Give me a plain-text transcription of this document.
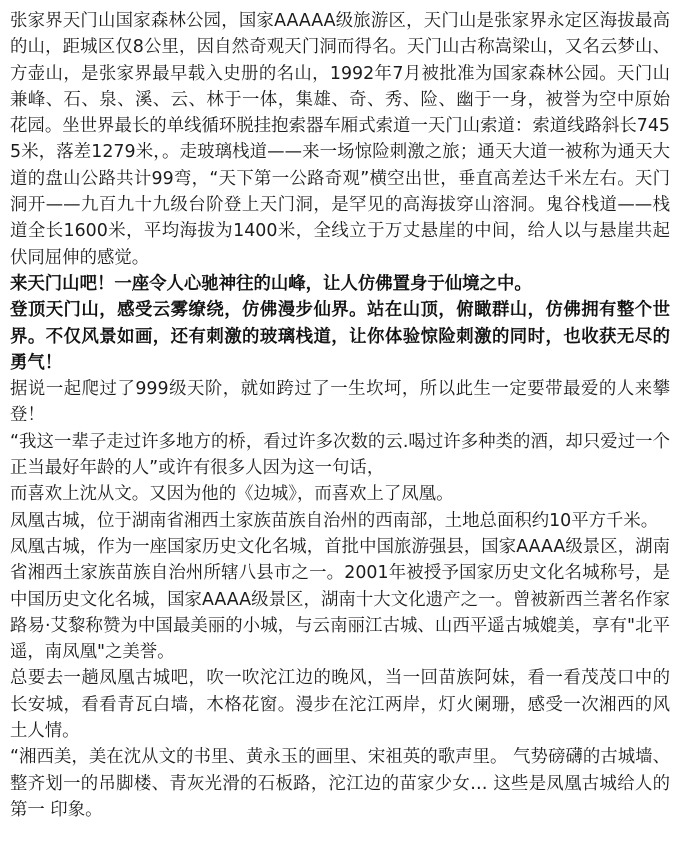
张家界天门山国家森林公园，国家AAAAA级旅游区，天门山是张家界永定区海拔最高的山，距城区仅8公里，因自然奇观天门洞而得名。天门山古称嵩梁山，又名云梦山、方壶山，是张家界最早载入史册的名山，1992年7月被批准为国家森林公园。天门山兼峰、石、泉、溪、云、林于一体，集雄、奇、秀、险、幽于一身，被誉为空中原始花园。坐世界最长的单线循环脱挂抱索器车厢式索道一天门山索道：索道线路斜长7455米，落差1279米，。走玻璃栈道——来一场惊险刺激之旅；通天大道一被称为通天大道的盘山公路共计99弯，“天下第一公路奇观”横空出世，垂直高差达千米左右。天门洞开——九百九十九级台阶登上天门洞，是罕见的高海拔穿山溶洞。鬼谷栈道——栈道全长1600米，平均海拔为1400米，全线立于万丈悬崖的中间，给人以与悬崖共起伏同屈伸的感觉。

来天门山吧！一座令人心驰神往的山峰，让人仿佛置身于仙境之中。

登顶天门山，感受云雾缭绕，仿佛漫步仙界。站在山顶，俯瞰群山，仿佛拥有整个世界。不仅风景如画，还有刺激的玻璃栈道，让你体验惊险刺激的同时，也收获无尽的勇气！

据说一起爬过了999级天阶，就如跨过了一生坎坷，所以此生一定要带最爱的人来攀登！

“我这一辈子走过许多地方的桥，看过许多次数的云.喝过许多种类的酒，却只爱过一个正当最好年龄的人”或许有很多人因为这一句话，

而喜欢上沈从文。又因为他的《边城》，而喜欢上了凤凰。

凤凰古城，位于湖南省湘西土家族苗族自治州的西南部，土地总面积约10平方千米。

凤凰古城，作为一座国家历史文化名城，首批中国旅游强县，国家AAAA级景区，湖南省湘西土家族苗族自治州所辖八县市之一。2001年被授予国家历史文化名城称号，是中国历史文化名城，国家AAAA级景区，湖南十大文化遗产之一。曾被新西兰著名作家路易·艾黎称赞为中国最美丽的小城，与云南丽江古城、山西平遥古城媲美，享有"北平遥，南凤凰"之美誉。

总要去一趟凤凰古城吧，吹一吹沱江边的晚风，当一回苗族阿妹，看一看茂茂口中的长安城，看看青瓦白墙，木格花窗。漫步在沱江两岸，灯火阑珊，感受一次湘西的风土人情。

“湘西美，美在沈从文的书里、黄永玉的画里、宋祖英的歌声里。 气势磅礴的古城墙、整齐划一的吊脚楼、青灰光滑的石板路，沱江边的苗家少女… 这些是凤凰古城给人的第一 印象。
